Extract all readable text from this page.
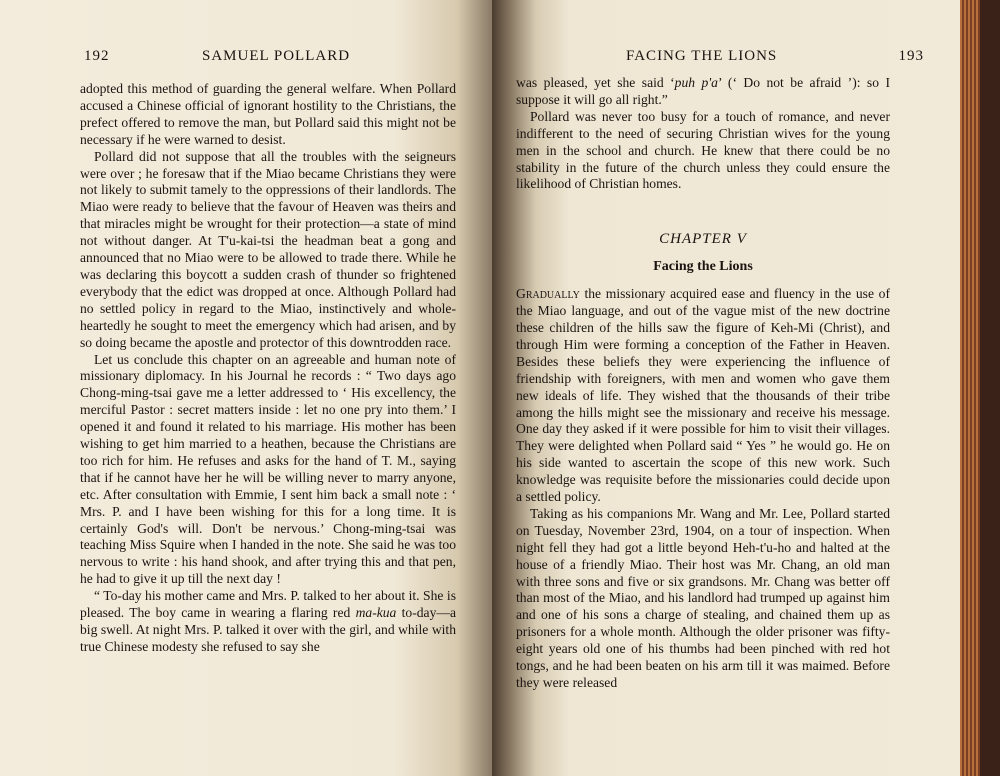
192	SAMUEL POLLARD

adopted this method of guarding the general welfare. When Pollard accused a Chinese official of ignorant hostility to the Christians, the prefect offered to remove the man, but Pollard said this might not be necessary if he were warned to desist.

Pollard did not suppose that all the troubles with the seigneurs were over ; he foresaw that if the Miao became Christians they were not likely to submit tamely to the oppressions of their landlords. The Miao were ready to believe that the favour of Heaven was theirs and that miracles might be wrought for their protection—a state of mind not without danger. At T'u-kai-tsi the headman beat a gong and announced that no Miao were to be allowed to trade there. While he was declaring this boycott a sudden crash of thunder so frightened everybody that the edict was dropped at once. Although Pollard had no settled policy in regard to the Miao, instinctively and whole-heartedly he sought to meet the emergency which had arisen, and by so doing became the apostle and protector of this downtrodden race.

Let us conclude this chapter on an agreeable and human note of missionary diplomacy. In his Journal he records : “ Two days ago Chong-ming-tsai gave me a letter addressed to ‘ His excellency, the merciful Pastor : secret matters inside : let no one pry into them.’ I opened it and found it related to his marriage. His mother has been wishing to get him married to a heathen, because the Christians are too rich for him. He refuses and asks for the hand of T. M., saying that if he cannot have her he will be willing never to marry anyone, etc. After consultation with Emmie, I sent him back a small note : ‘ Mrs. P. and I have been wishing for this for a long time. It is certainly God's will. Don't be nervous.’ Chong-ming-tsai was teaching Miss Squire when I handed in the note. She said he was too nervous to write : his hand shook, and after trying this and that pen, he had to give it up till the next day !

“ To-day his mother came and Mrs. P. talked to her about it. She is pleased. The boy came in wearing a flaring red ma-kua to-day—a big swell. At night Mrs. P. talked it over with the girl, and while with true Chinese modesty she refused to say she

FACING THE LIONS	193

was pleased, yet she said ‘puh p'a’ (‘ Do not be afraid ’): so I suppose it will go all right.”

Pollard was never too busy for a touch of romance, and never indifferent to the need of securing Christian wives for the young men in the school and church. He knew that there could be no stability in the future of the church unless they could ensure the likelihood of Christian homes.

CHAPTER V
Facing the Lions

Gradually the missionary acquired ease and fluency in the use of the Miao language, and out of the vague mist of the new doctrine these children of the hills saw the figure of Keh-Mi (Christ), and through Him were forming a conception of the Father in Heaven. Besides these beliefs they were experiencing the influence of friendship with foreigners, with men and women who gave them new ideals of life. They wished that the thousands of their tribe among the hills might see the missionary and receive his message. One day they asked if it were possible for him to visit their villages. They were delighted when Pollard said “ Yes ” he would go. He on his side wanted to ascertain the scope of this new work. Such knowledge was requisite before the missionaries could decide upon a settled policy.

Taking as his companions Mr. Wang and Mr. Lee, Pollard started on Tuesday, November 23rd, 1904, on a tour of inspection. When night fell they had got a little beyond Heh-t'u-ho and halted at the house of a friendly Miao. Their host was Mr. Chang, an old man with three sons and five or six grandsons. Mr. Chang was better off than most of the Miao, and his landlord had trumped up against him and one of his sons a charge of stealing, and chained them up as prisoners for a whole month. Although the older prisoner was fifty-eight years old one of his thumbs had been pinched with red hot tongs, and he had been beaten on his arm till it was maimed. Before they were released
